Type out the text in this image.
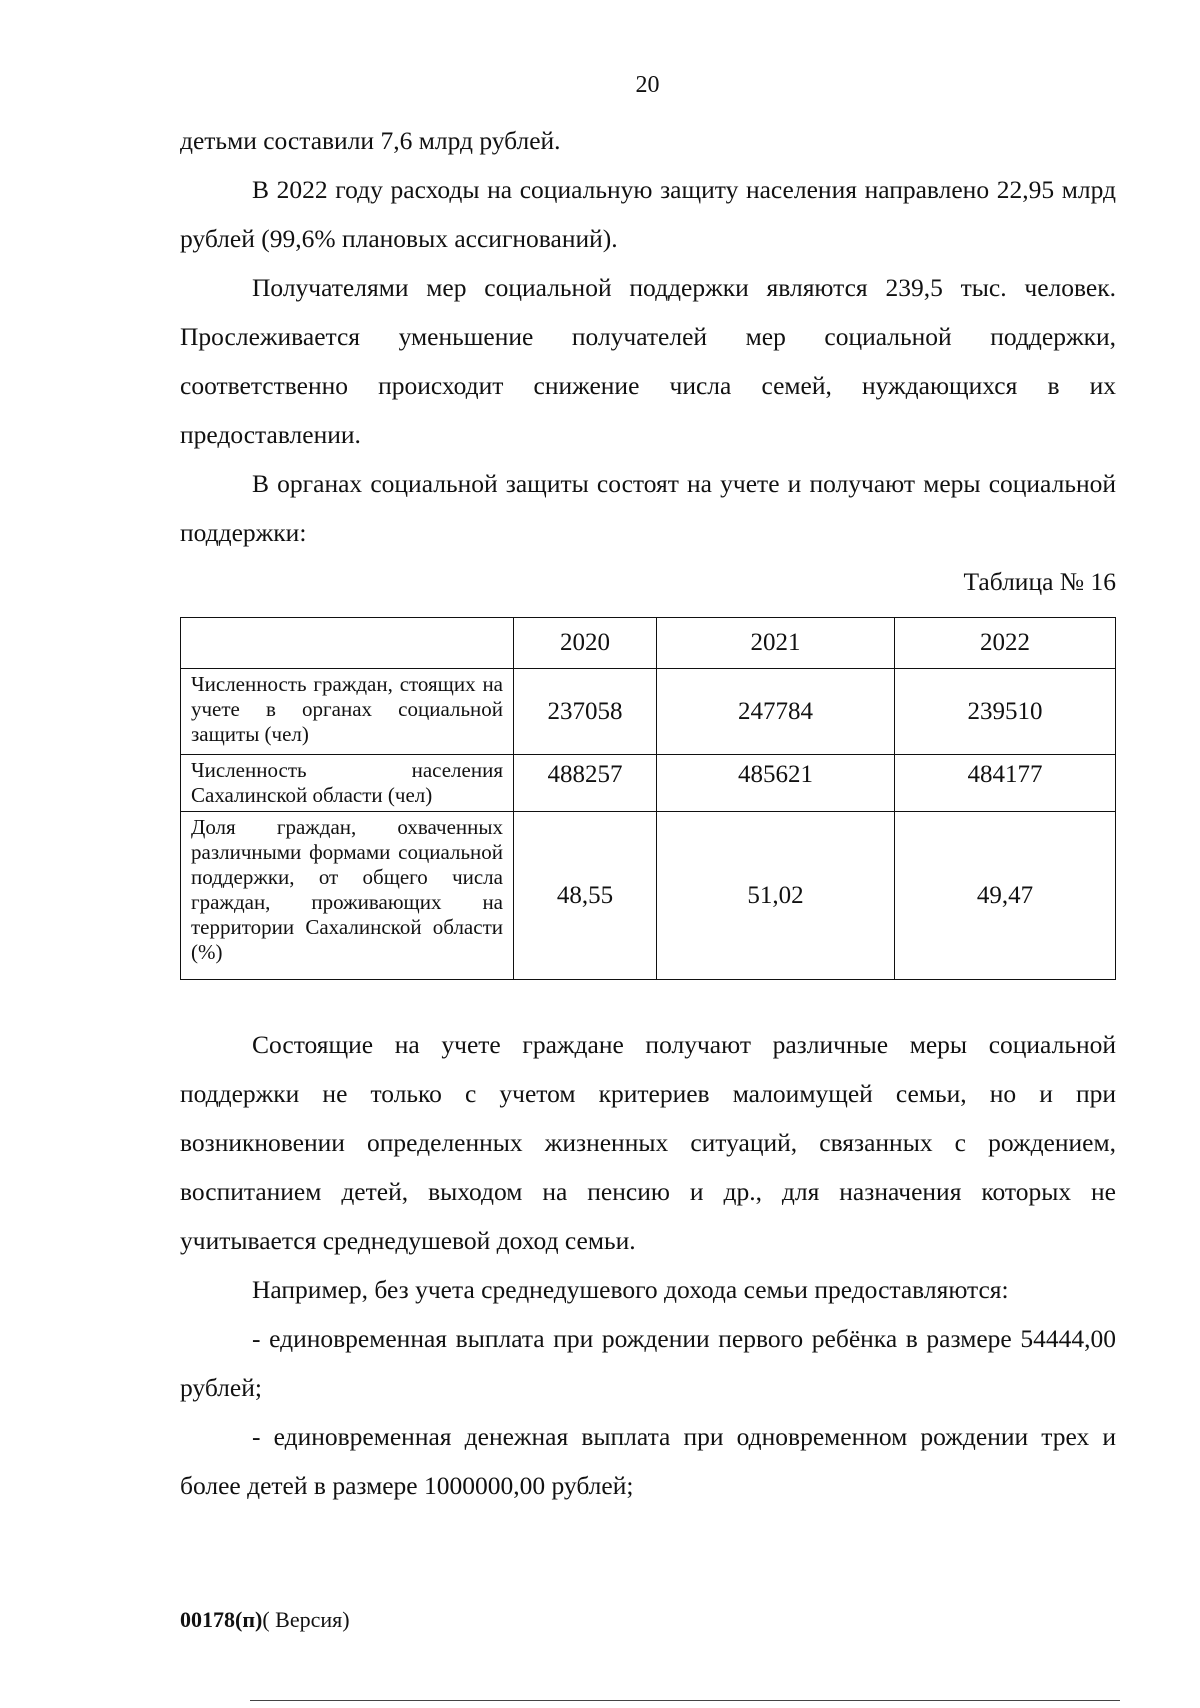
20

детьми составили 7,6 млрд рублей.

В 2022 году расходы на социальную защиту населения направлено 22,95 млрд рублей (99,6% плановых ассигнований).

Получателями мер социальной поддержки являются 239,5 тыс. человек. Прослеживается уменьшение получателей мер социальной поддержки, соответственно происходит снижение числа семей, нуждающихся в их предоставлении.

В органах социальной защиты состоят на учете и получают меры социальной поддержки:

Таблица № 16
	2020	2021	2022
Численность граждан, стоящих на учете в органах социальной защиты (чел)	237058	247784	239510
Численность населения Сахалинской области (чел)	488257	485621	484177
Доля граждан, охваченных различными формами социальной поддержки, от общего числа граждан, проживающих на территории Сахалинской области (%)	48,55	51,02	49,47

Состоящие на учете граждане получают различные меры социальной поддержки не только с учетом критериев малоимущей семьи, но и при возникновении определенных жизненных ситуаций, связанных с рождением, воспитанием детей, выходом на пенсию и др., для назначения которых не учитывается среднедушевой доход семьи.

Например, без учета среднедушевого дохода семьи предоставляются:

- единовременная выплата при рождении первого ребёнка в размере 54444,00 рублей;

- единовременная денежная выплата при одновременном рождении трех и более детей в размере 1000000,00 рублей;

00178(п)( Версия)
